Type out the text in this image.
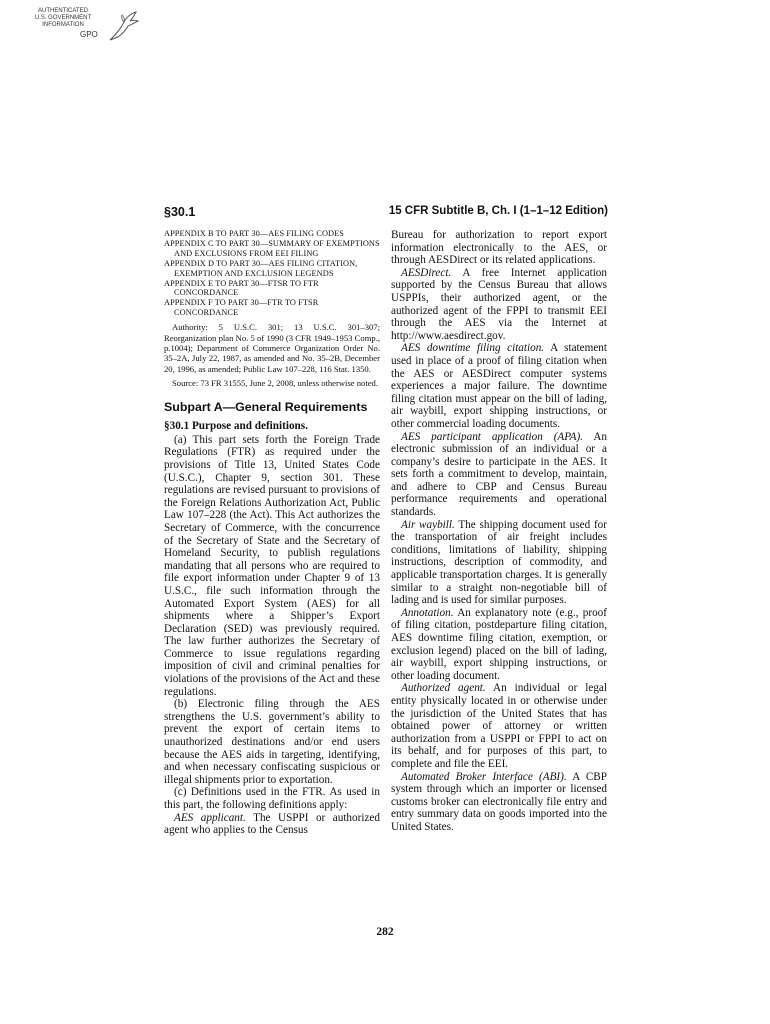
AUTHENTICATED
U.S. GOVERNMENT
INFORMATION
GPO
§30.1	15 CFR Subtitle B, Ch. I (1–1–12 Edition)
APPENDIX B TO PART 30—AES FILING CODES
APPENDIX C TO PART 30—SUMMARY OF EXEMPTIONS AND EXCLUSIONS FROM EEI FILING
APPENDIX D TO PART 30—AES FILING CITATION, EXEMPTION AND EXCLUSION LEGENDS
APPENDIX E TO PART 30—FTSR TO FTR CONCORDANCE
APPENDIX F TO PART 30—FTR TO FTSR CONCORDANCE
Authority: 5 U.S.C. 301; 13 U.S.C. 301–307; Reorganization plan No. 5 of 1990 (3 CFR 1949–1953 Comp., p.1004); Department of Commerce Organization Order No. 35–2A, July 22, 1987, as amended and No. 35–2B, December 20, 1996, as amended; Public Law 107–228, 116 Stat. 1350.
Source: 73 FR 31555, June 2, 2008, unless otherwise noted.
Subpart A—General Requirements
§30.1 Purpose and definitions.

(a) This part sets forth the Foreign Trade Regulations (FTR) as required under the provisions of Title 13, United States Code (U.S.C.), Chapter 9, section 301. These regulations are revised pursuant to provisions of the Foreign Relations Authorization Act, Public Law 107–228 (the Act). This Act authorizes the Secretary of Commerce, with the concurrence of the Secretary of State and the Secretary of Homeland Security, to publish regulations mandating that all persons who are required to file export information under Chapter 9 of 13 U.S.C., file such information through the Automated Export System (AES) for all shipments where a Shipper’s Export Declaration (SED) was previously required. The law further authorizes the Secretary of Commerce to issue regulations regarding imposition of civil and criminal penalties for violations of the provisions of the Act and these regulations.

(b) Electronic filing through the AES strengthens the U.S. government’s ability to prevent the export of certain items to unauthorized destinations and/or end users because the AES aids in targeting, identifying, and when necessary confiscating suspicious or illegal shipments prior to exportation.

(c) Definitions used in the FTR. As used in this part, the following definitions apply:

AES applicant. The USPPI or authorized agent who applies to the Census

Bureau for authorization to report export information electronically to the AES, or through AESDirect or its related applications.

AESDirect. A free Internet application supported by the Census Bureau that allows USPPIs, their authorized agent, or the authorized agent of the FPPI to transmit EEI through the AES via the Internet at http://www.aesdirect.gov.

AES downtime filing citation. A statement used in place of a proof of filing citation when the AES or AESDirect computer systems experiences a major failure. The downtime filing citation must appear on the bill of lading, air waybill, export shipping instructions, or other commercial loading documents.

AES participant application (APA). An electronic submission of an individual or a company’s desire to participate in the AES. It sets forth a commitment to develop, maintain, and adhere to CBP and Census Bureau performance requirements and operational standards.

Air waybill. The shipping document used for the transportation of air freight includes conditions, limitations of liability, shipping instructions, description of commodity, and applicable transportation charges. It is generally similar to a straight non-negotiable bill of lading and is used for similar purposes.

Annotation. An explanatory note (e.g., proof of filing citation, postdeparture filing citation, AES downtime filing citation, exemption, or exclusion legend) placed on the bill of lading, air waybill, export shipping instructions, or other loading document.

Authorized agent. An individual or legal entity physically located in or otherwise under the jurisdiction of the United States that has obtained power of attorney or written authorization from a USPPI or FPPI to act on its behalf, and for purposes of this part, to complete and file the EEI.

Automated Broker Interface (ABI). A CBP system through which an importer or licensed customs broker can electronically file entry and entry summary data on goods imported into the United States.

282
